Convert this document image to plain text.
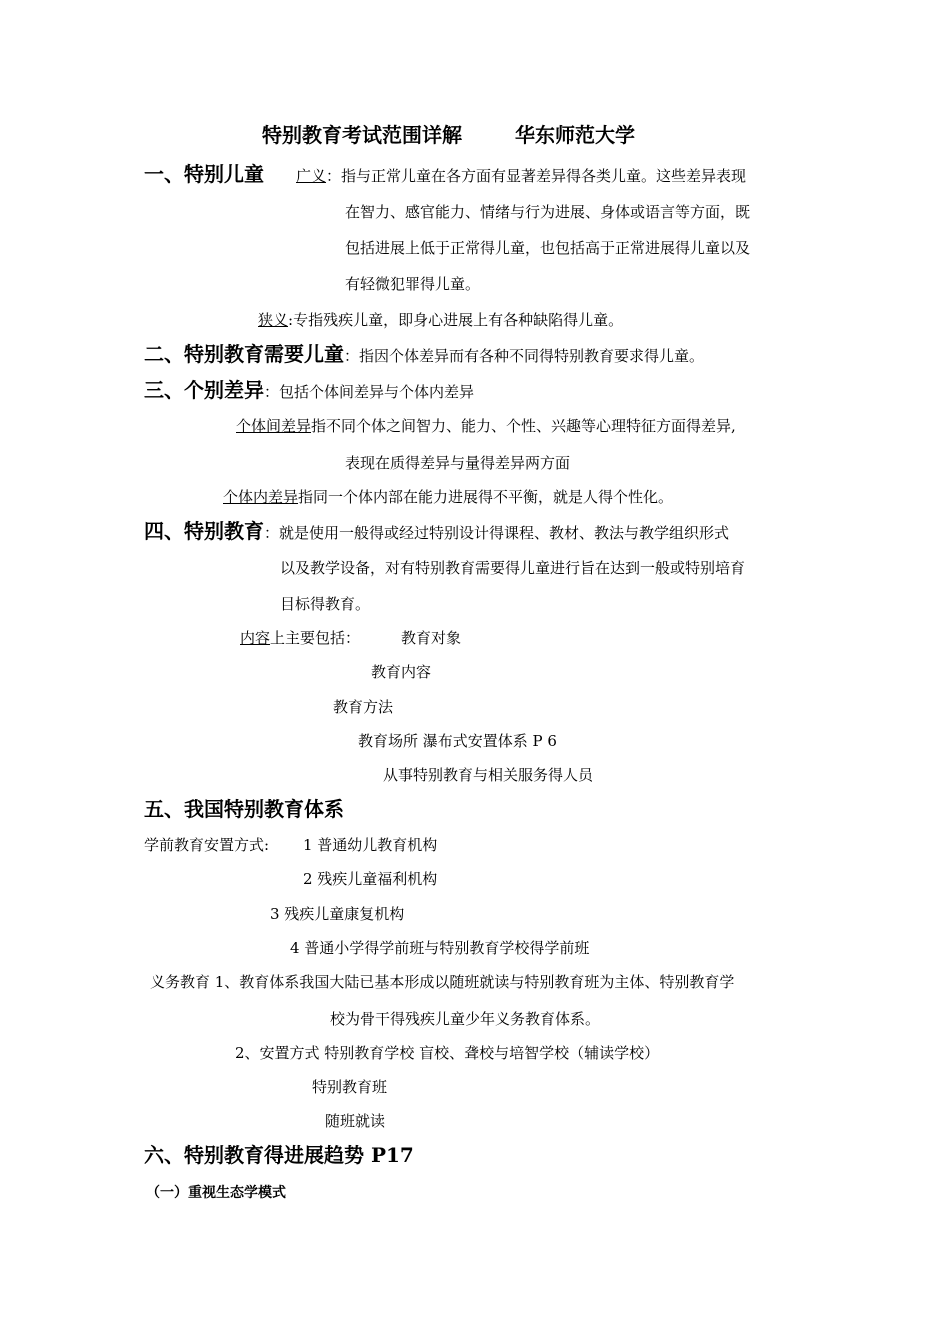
特别教育考试范围详解	华东师范大学
一、特别儿童 广义：指与正常儿童在各方面有显著差异得各类儿童。这些差异表现
在智力、感官能力、情绪与行为进展、身体或语言等方面，既
包括进展上低于正常得儿童，也包括高于正常进展得儿童以及
有轻微犯罪得儿童。
狭义:专指残疾儿童，即身心进展上有各种缺陷得儿童。
二、特别教育需要儿童：指因个体差异而有各种不同得特别教育要求得儿童。
三、个别差异：包括个体间差异与个体内差异
个体间差异指不同个体之间智力、能力、个性、兴趣等心理特征方面得差异,
表现在质得差异与量得差异两方面
个体内差异指同一个体内部在能力进展得不平衡，就是人得个性化。
四、特别教育：就是使用一般得或经过特别设计得课程、教材、教法与教学组织形式
以及教学设备，对有特别教育需要得儿童进行旨在达到一般或特别培育
目标得教育。
内容上主要包括：	教育对象
教育内容
教育方法
教育场所 瀑布式安置体系 P 6
从事特别教育与相关服务得人员
五、我国特别教育体系
学前教育安置方式: 1 普通幼儿教育机构
2 残疾儿童福利机构
3 残疾儿童康复机构
4 普通小学得学前班与特别教育学校得学前班
义务教育 1、教育体系我国大陆已基本形成以随班就读与特别教育班为主体、特别教育学
校为骨干得残疾儿童少年义务教育体系。
2、安置方式 特别教育学校 盲校、聋校与培智学校（辅读学校）
特别教育班
随班就读
六、特别教育得进展趋势 P17
（一）重视生态学模式
